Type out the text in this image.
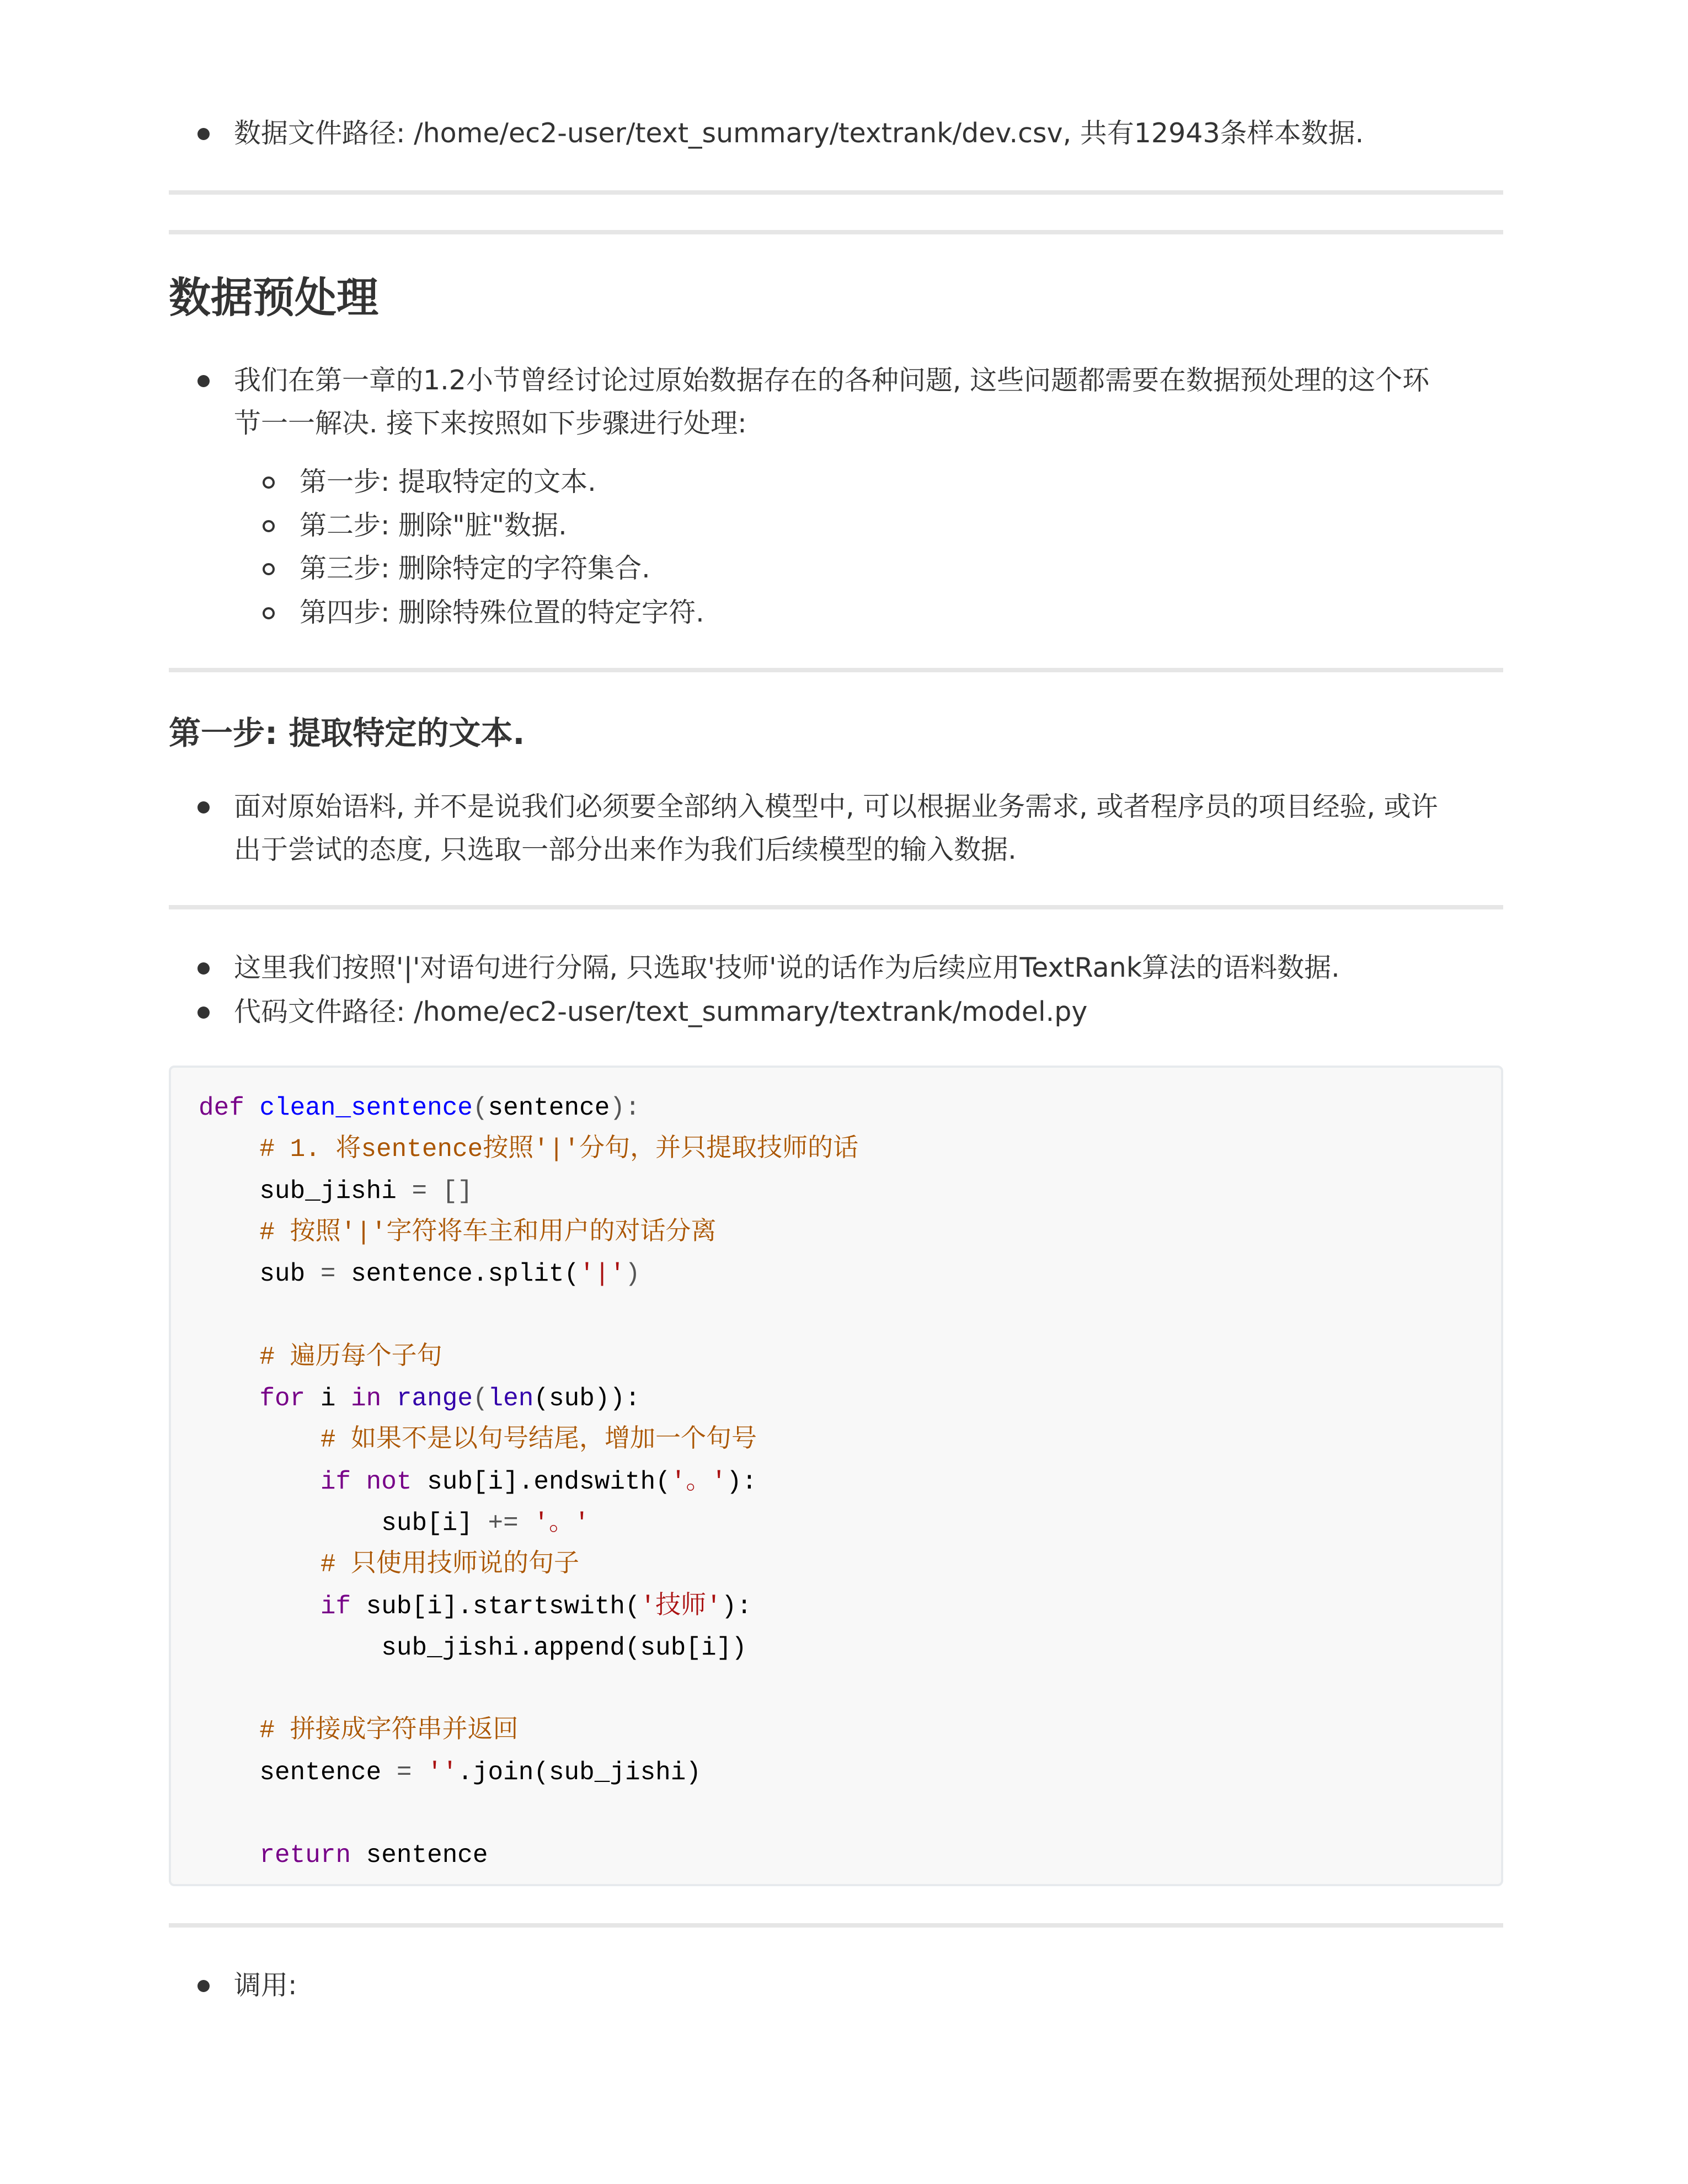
数据文件路径: /home/ec2-user/text_summary/textrank/dev.csv, 共有12943条样本数据.
数据预处理
我们在第一章的1.2小节曾经讨论过原始数据存在的各种问题, 这些问题都需要在数据预处理的这个环
节一一解决. 接下来按照如下步骤进行处理:
第一步: 提取特定的文本.
第二步: 删除"脏"数据.
第三步: 删除特定的字符集合.
第四步: 删除特殊位置的特定字符.
第一步: 提取特定的文本.
面对原始语料, 并不是说我们必须要全部纳入模型中, 可以根据业务需求, 或者程序员的项目经验, 或许
出于尝试的态度, 只选取一部分出来作为我们后续模型的输入数据.
这里我们按照'|'对语句进行分隔, 只选取'技师'说的话作为后续应用TextRank算法的语料数据.
代码文件路径: /home/ec2-user/text_summary/textrank/model.py
def clean_sentence(sentence):
# 1. 将sentence按照'|'分句，并只提取技师的话
sub_jishi = []
# 按照'|'字符将车主和用户的对话分离
sub = sentence.split('|')

# 遍历每个子句
for i in range(len(sub)):
# 如果不是以句号结尾，增加一个句号
if not sub[i].endswith('。'):
sub[i] += '。'
# 只使用技师说的句子
if sub[i].startswith('技师'):
sub_jishi.append(sub[i])

# 拼接成字符串并返回
sentence = ''.join(sub_jishi)

return sentence
调用:
